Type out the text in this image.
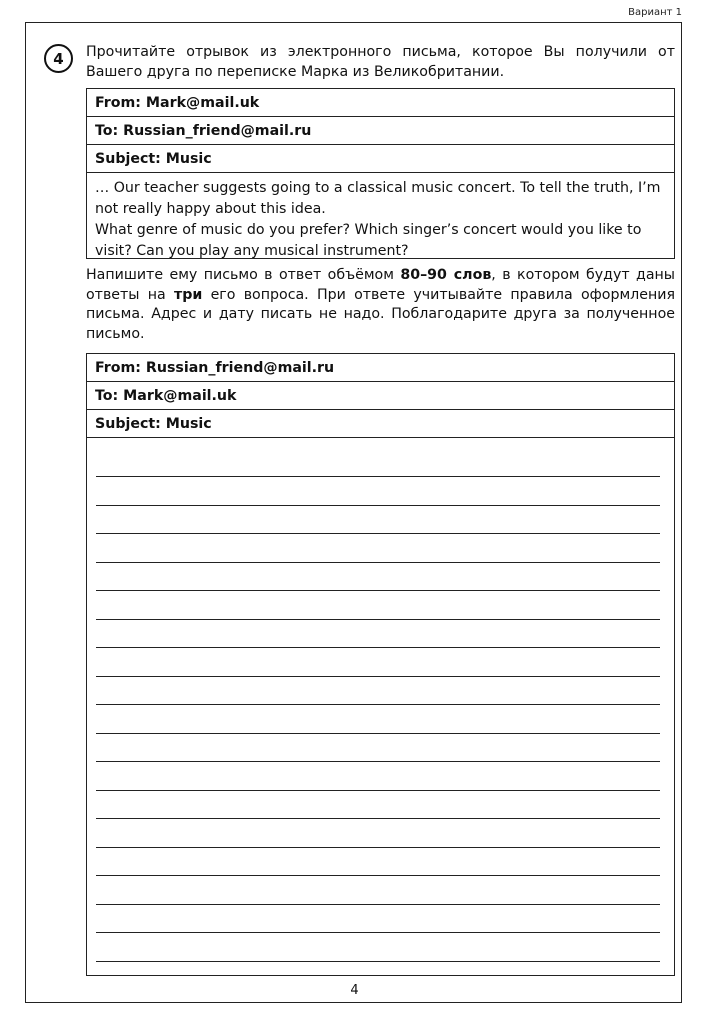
Вариант 1
4	Прочитайте отрывок из электронного письма, которое Вы получили от Вашего друга по переписке Марка из Великобритании.

From: Mark@mail.uk
To: Russian_friend@mail.ru
Subject: Music

… Our teacher suggests going to a classical music concert. To tell the truth, I’m not really happy about this idea.

What genre of music do you prefer? Which singer’s concert would you like to visit? Can you play any musical instrument?

Напишите ему письмо в ответ объёмом 80–90 слов, в котором будут даны ответы на три его вопроса. При ответе учитывайте правила оформления письма. Адрес и дату писать не надо. Поблагодарите друга за полученное письмо.

From: Russian_friend@mail.ru
To: Mark@mail.uk
Subject: Music
4
